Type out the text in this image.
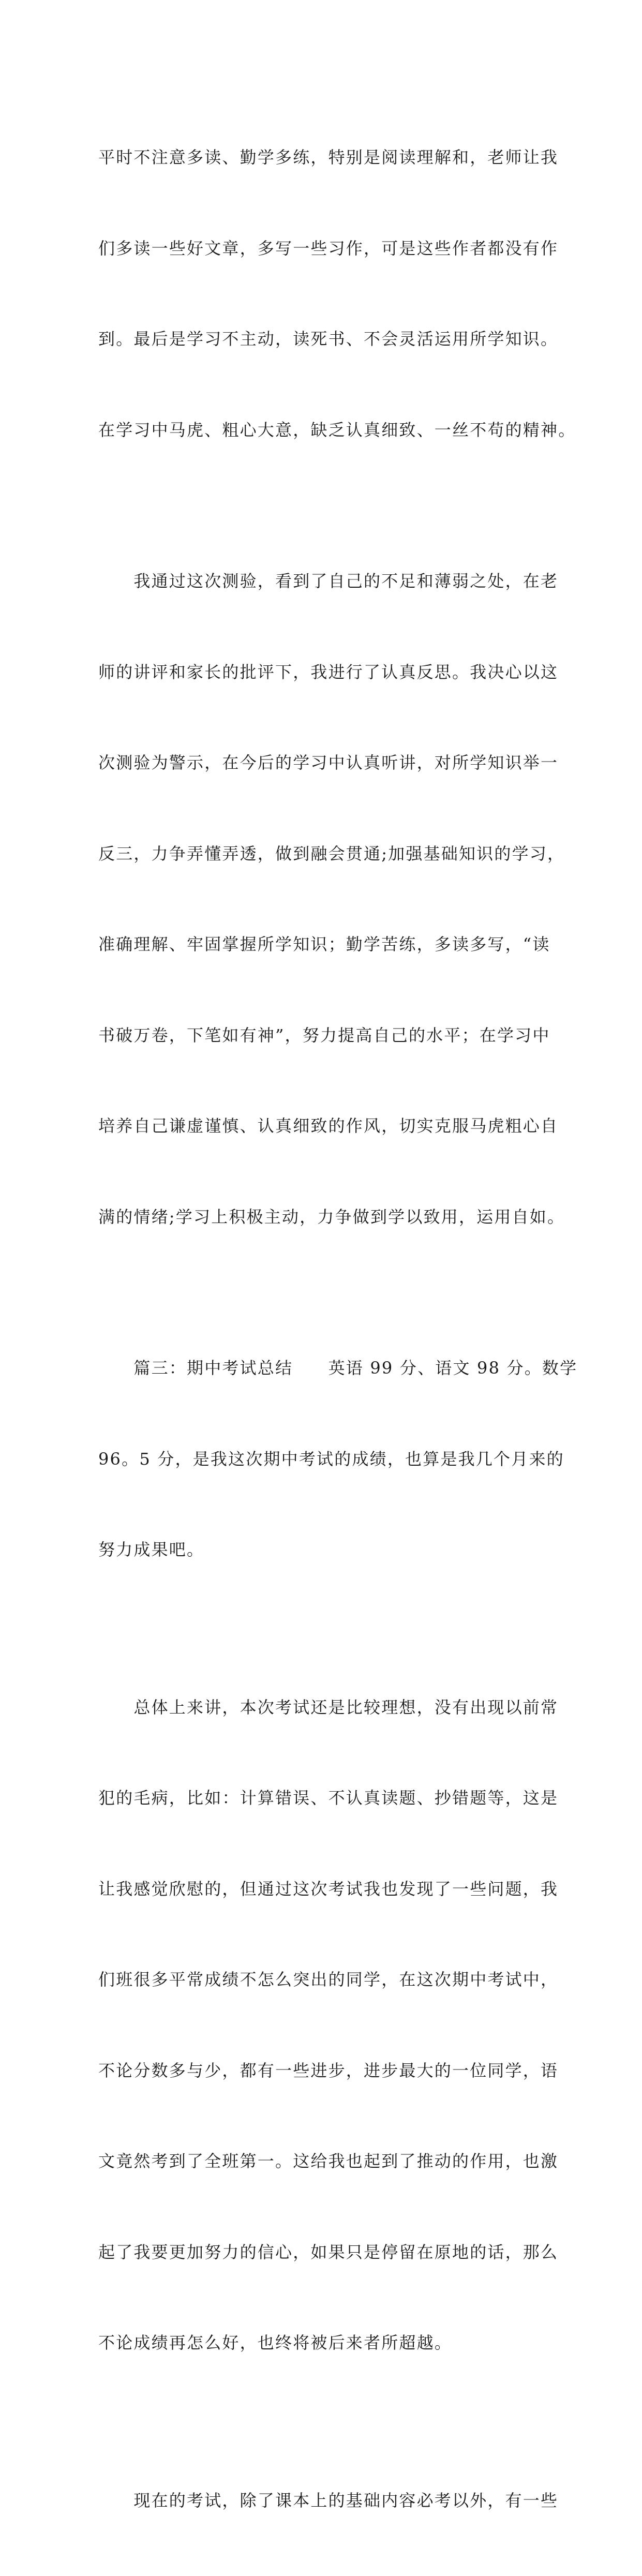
平时不注意多读、勤学多练，特别是阅读理解和，老师让我

们多读一些好文章，多写一些习作，可是这些作者都没有作

到。最后是学习不主动，读死书、不会灵活运用所学知识。

在学习中马虎、粗心大意，缺乏认真细致、一丝不苟的精神。

　　我通过这次测验，看到了自己的不足和薄弱之处，在老

师的讲评和家长的批评下，我进行了认真反思。我决心以这

次测验为警示，在今后的学习中认真听讲，对所学知识举一

反三，力争弄懂弄透，做到融会贯通;加强基础知识的学习，

准确理解、牢固掌握所学知识；勤学苦练，多读多写，“读

书破万卷，下笔如有神”，努力提高自己的水平；在学习中

培养自己谦虚谨慎、认真细致的作风，切实克服马虎粗心自

满的情绪;学习上积极主动，力争做到学以致用，运用自如。

　　篇三：期中考试总结　　英语 99 分、语文 98 分。数学

96。5 分，是我这次期中考试的成绩，也算是我几个月来的

努力成果吧。

　　总体上来讲，本次考试还是比较理想，没有出现以前常

犯的毛病，比如：计算错误、不认真读题、抄错题等，这是

让我感觉欣慰的，但通过这次考试我也发现了一些问题，我

们班很多平常成绩不怎么突出的同学，在这次期中考试中，

不论分数多与少，都有一些进步，进步最大的一位同学，语

文竟然考到了全班第一。这给我也起到了推动的作用，也激

起了我要更加努力的信心，如果只是停留在原地的话，那么

不论成绩再怎么好，也终将被后来者所超越。

　　现在的考试，除了课本上的基础内容必考以外，有一些
